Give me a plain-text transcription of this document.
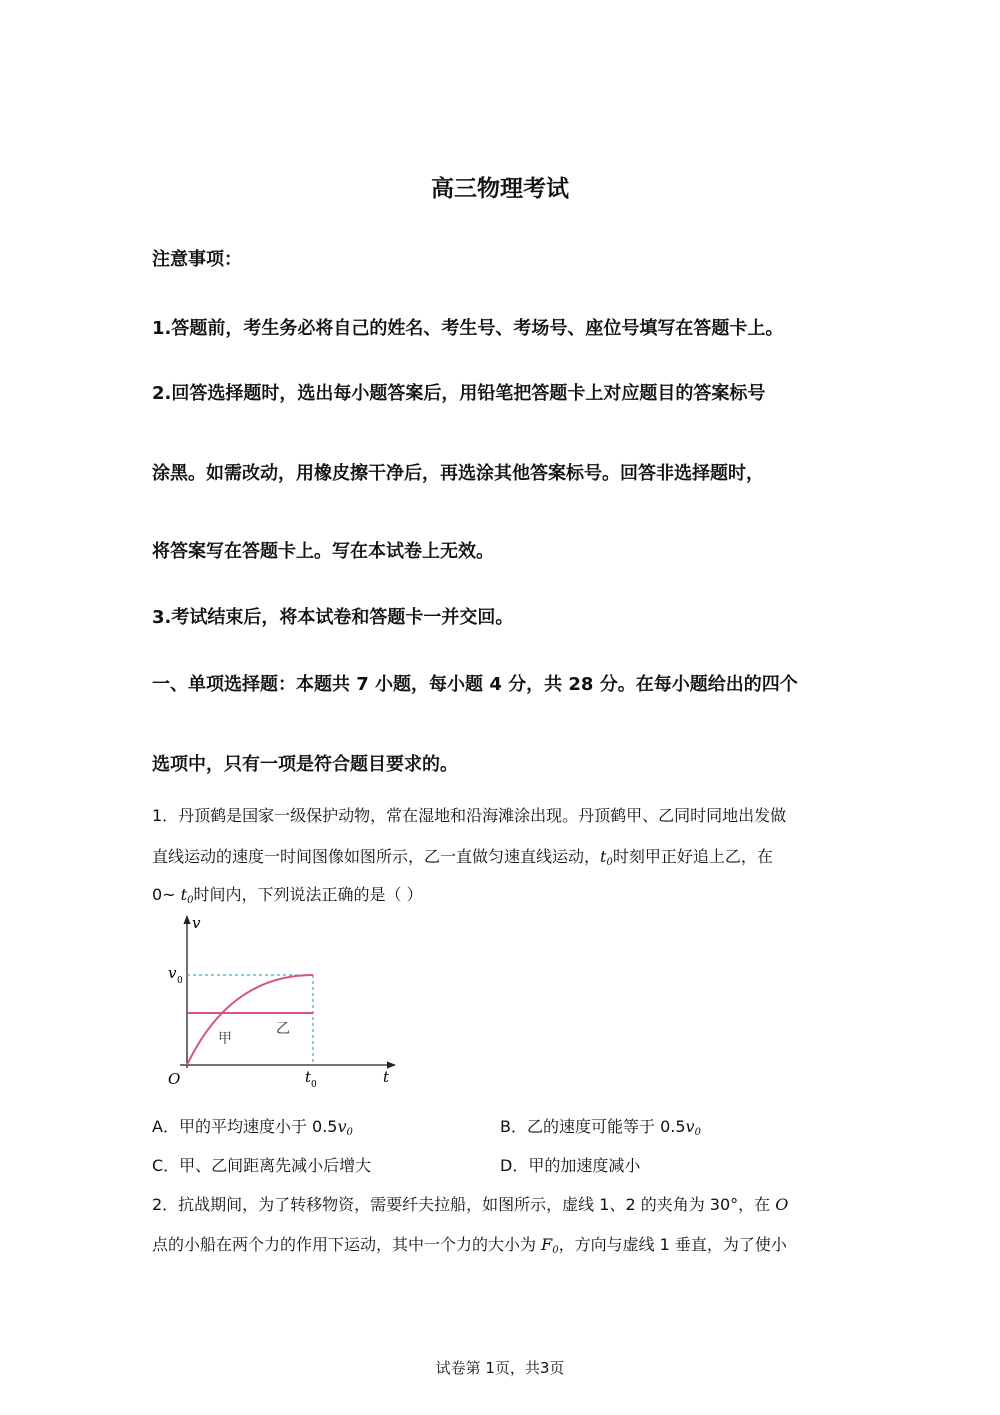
高三物理考试
注意事项：
1.答题前，考生务必将自己的姓名、考生号、考场号、座位号填写在答题卡上。
2.回答选择题时，选出每小题答案后，用铅笔把答题卡上对应题目的答案标号
涂黑。如需改动，用橡皮擦干净后，再选涂其他答案标号。回答非选择题时，
将答案写在答题卡上。写在本试卷上无效。
3.考试结束后，将本试卷和答题卡一并交回。
一、单项选择题：本题共 7 小题，每小题 4 分，共 28 分。在每小题给出的四个
选项中，只有一项是符合题目要求的。
1．丹顶鹤是国家一级保护动物，常在湿地和沿海滩涂出现。丹顶鹤甲、乙同时同地出发做
直线运动的速度一时间图像如图所示，乙一直做匀速直线运动，$t_0$时刻甲正好追上乙，在
0~ $t_0$时间内，下列说法正确的是（ ）
v
t
O
v 0
t 0
甲
乙
A．甲的平均速度小于 $0.5v_0$	B．乙的速度可能等于 $0.5v_0$
C．甲、乙间距离先减小后增大	D．甲的加速度减小
2．抗战期间，为了转移物资，需要纤夫拉船，如图所示，虚线 1、2 的夹角为 30°，在 O
点的小船在两个力的作用下运动，其中一个力的大小为 $F_0$，方向与虚线 1 垂直，为了使小
试卷第 1页，共3页
